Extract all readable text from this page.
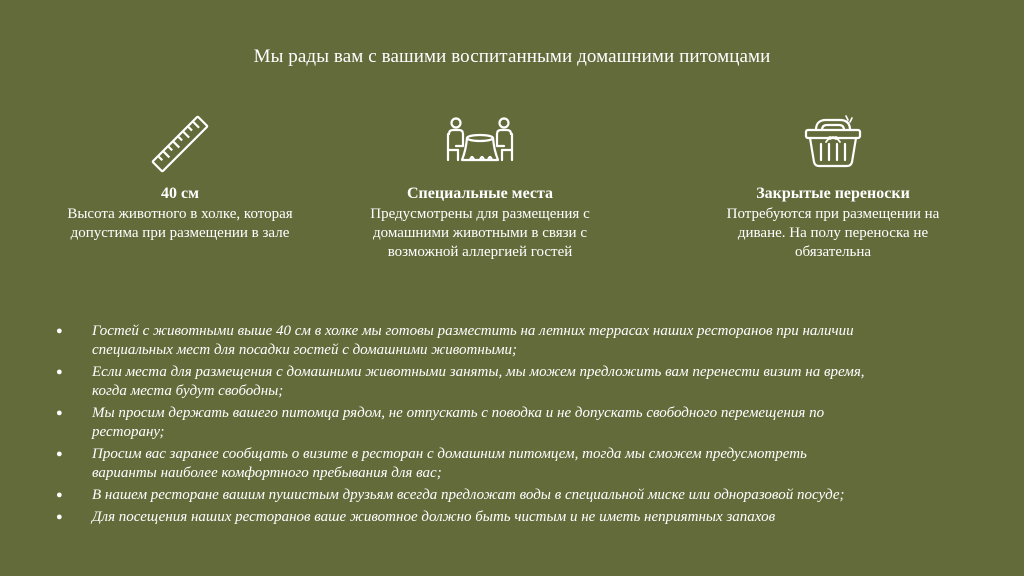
Мы рады вам с вашими воспитанными домашними питомцами
40 см
Высота животного в холке, которая
допустима при размещении в зале
Специальные места
Предусмотрены для размещения с
домашними животными в связи с
возможной аллергией гостей
Закрытые переноски
Потребуются при размещении на
диване. На полу переноска не
обязательна
● Гостей с животными выше 40 см в холке мы готовы разместить на летних террасах наших ресторанов при наличии
специальных мест для посадки гостей с домашними животными;
● Если места для размещения с домашними животными заняты, мы можем предложить вам перенести визит на время,
когда места будут свободны;
● Мы просим держать вашего питомца рядом, не отпускать с поводка и не допускать свободного перемещения по
ресторану;
● Просим вас заранее сообщать о визите в ресторан с домашним питомцем, тогда мы сможем предусмотреть
варианты наиболее комфортного пребывания для вас;
● В нашем ресторане вашим пушистым друзьям всегда предложат воды в специальной миске или одноразовой посуде;
● Для посещения наших ресторанов ваше животное должно быть чистым и не иметь неприятных запахов
